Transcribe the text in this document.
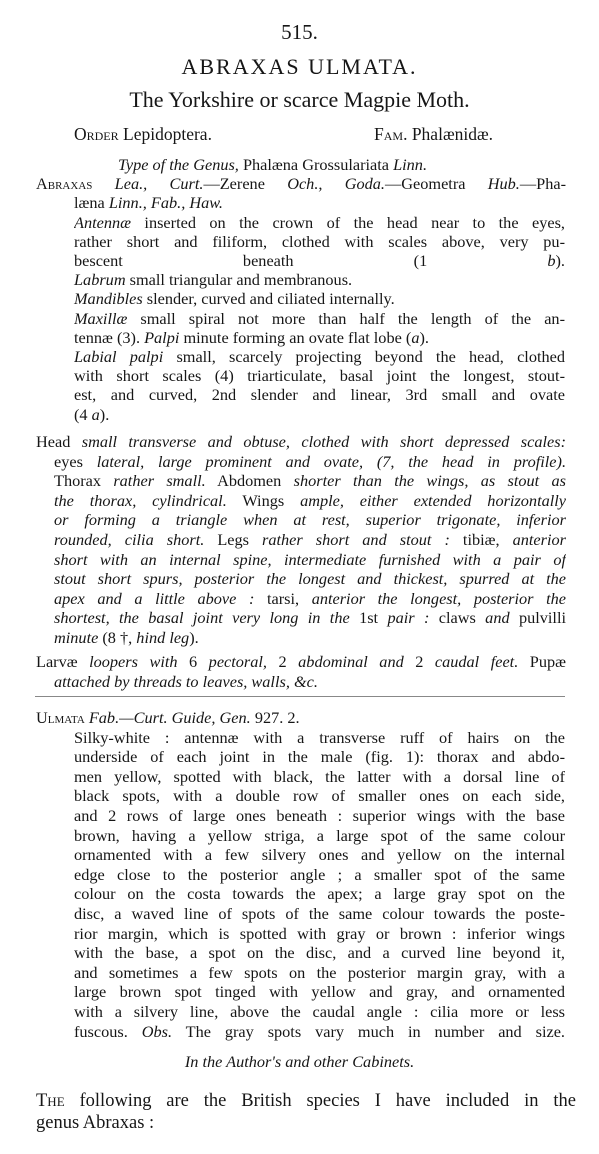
515.
ABRAXAS ULMATA.
The Yorkshire or scarce Magpie Moth.
Order Lepidoptera.	Fam. Phalænidæ.
Type of the Genus, Phalæna Grossulariata Linn.
Abraxas Lea., Curt.—Zerene Och., Goda.—Geometra Hub.—Pha-
læna Linn., Fab., Haw.
Antennæ inserted on the crown of the head near to the eyes,
rather short and filiform, clothed with scales above, very pu-
bescent beneath (1 b).
Labrum small triangular and membranous.
Mandibles slender, curved and ciliated internally.
Maxillæ small spiral not more than half the length of the an-
tennæ (3). Palpi minute forming an ovate flat lobe (a).
Labial palpi small, scarcely projecting beyond the head, clothed
with short scales (4) triarticulate, basal joint the longest, stout-
est, and curved, 2nd slender and linear, 3rd small and ovate
(4 a).
Head small transverse and obtuse, clothed with short depressed scales:
eyes lateral, large prominent and ovate, (7, the head in profile).
Thorax rather small. Abdomen shorter than the wings, as stout as
the thorax, cylindrical. Wings ample, either extended horizontally
or forming a triangle when at rest, superior trigonate, inferior
rounded, cilia short. Legs rather short and stout : tibiæ, anterior
short with an internal spine, intermediate furnished with a pair of
stout short spurs, posterior the longest and thickest, spurred at the
apex and a little above : tarsi, anterior the longest, posterior the
shortest, the basal joint very long in the 1st pair : claws and pulvilli
minute (8 †, hind leg).
Larvæ loopers with 6 pectoral, 2 abdominal and 2 caudal feet. Pupæ
attached by threads to leaves, walls, &c.
Ulmata Fab.—Curt. Guide, Gen. 927. 2.
Silky-white : antennæ with a transverse ruff of hairs on the
underside of each joint in the male (fig. 1): thorax and abdo-
men yellow, spotted with black, the latter with a dorsal line of
black spots, with a double row of smaller ones on each side,
and 2 rows of large ones beneath : superior wings with the base
brown, having a yellow striga, a large spot of the same colour
ornamented with a few silvery ones and yellow on the internal
edge close to the posterior angle ; a smaller spot of the same
colour on the costa towards the apex; a large gray spot on the
disc, a waved line of spots of the same colour towards the poste-
rior margin, which is spotted with gray or brown : inferior wings
with the base, a spot on the disc, and a curved line beyond it,
and sometimes a few spots on the posterior margin gray, with a
large brown spot tinged with yellow and gray, and ornamented
with a silvery line, above the caudal angle : cilia more or less
fuscous. Obs. The gray spots vary much in number and size.
In the Author's and other Cabinets.
The following are the British species I have included in the
genus Abraxas :
